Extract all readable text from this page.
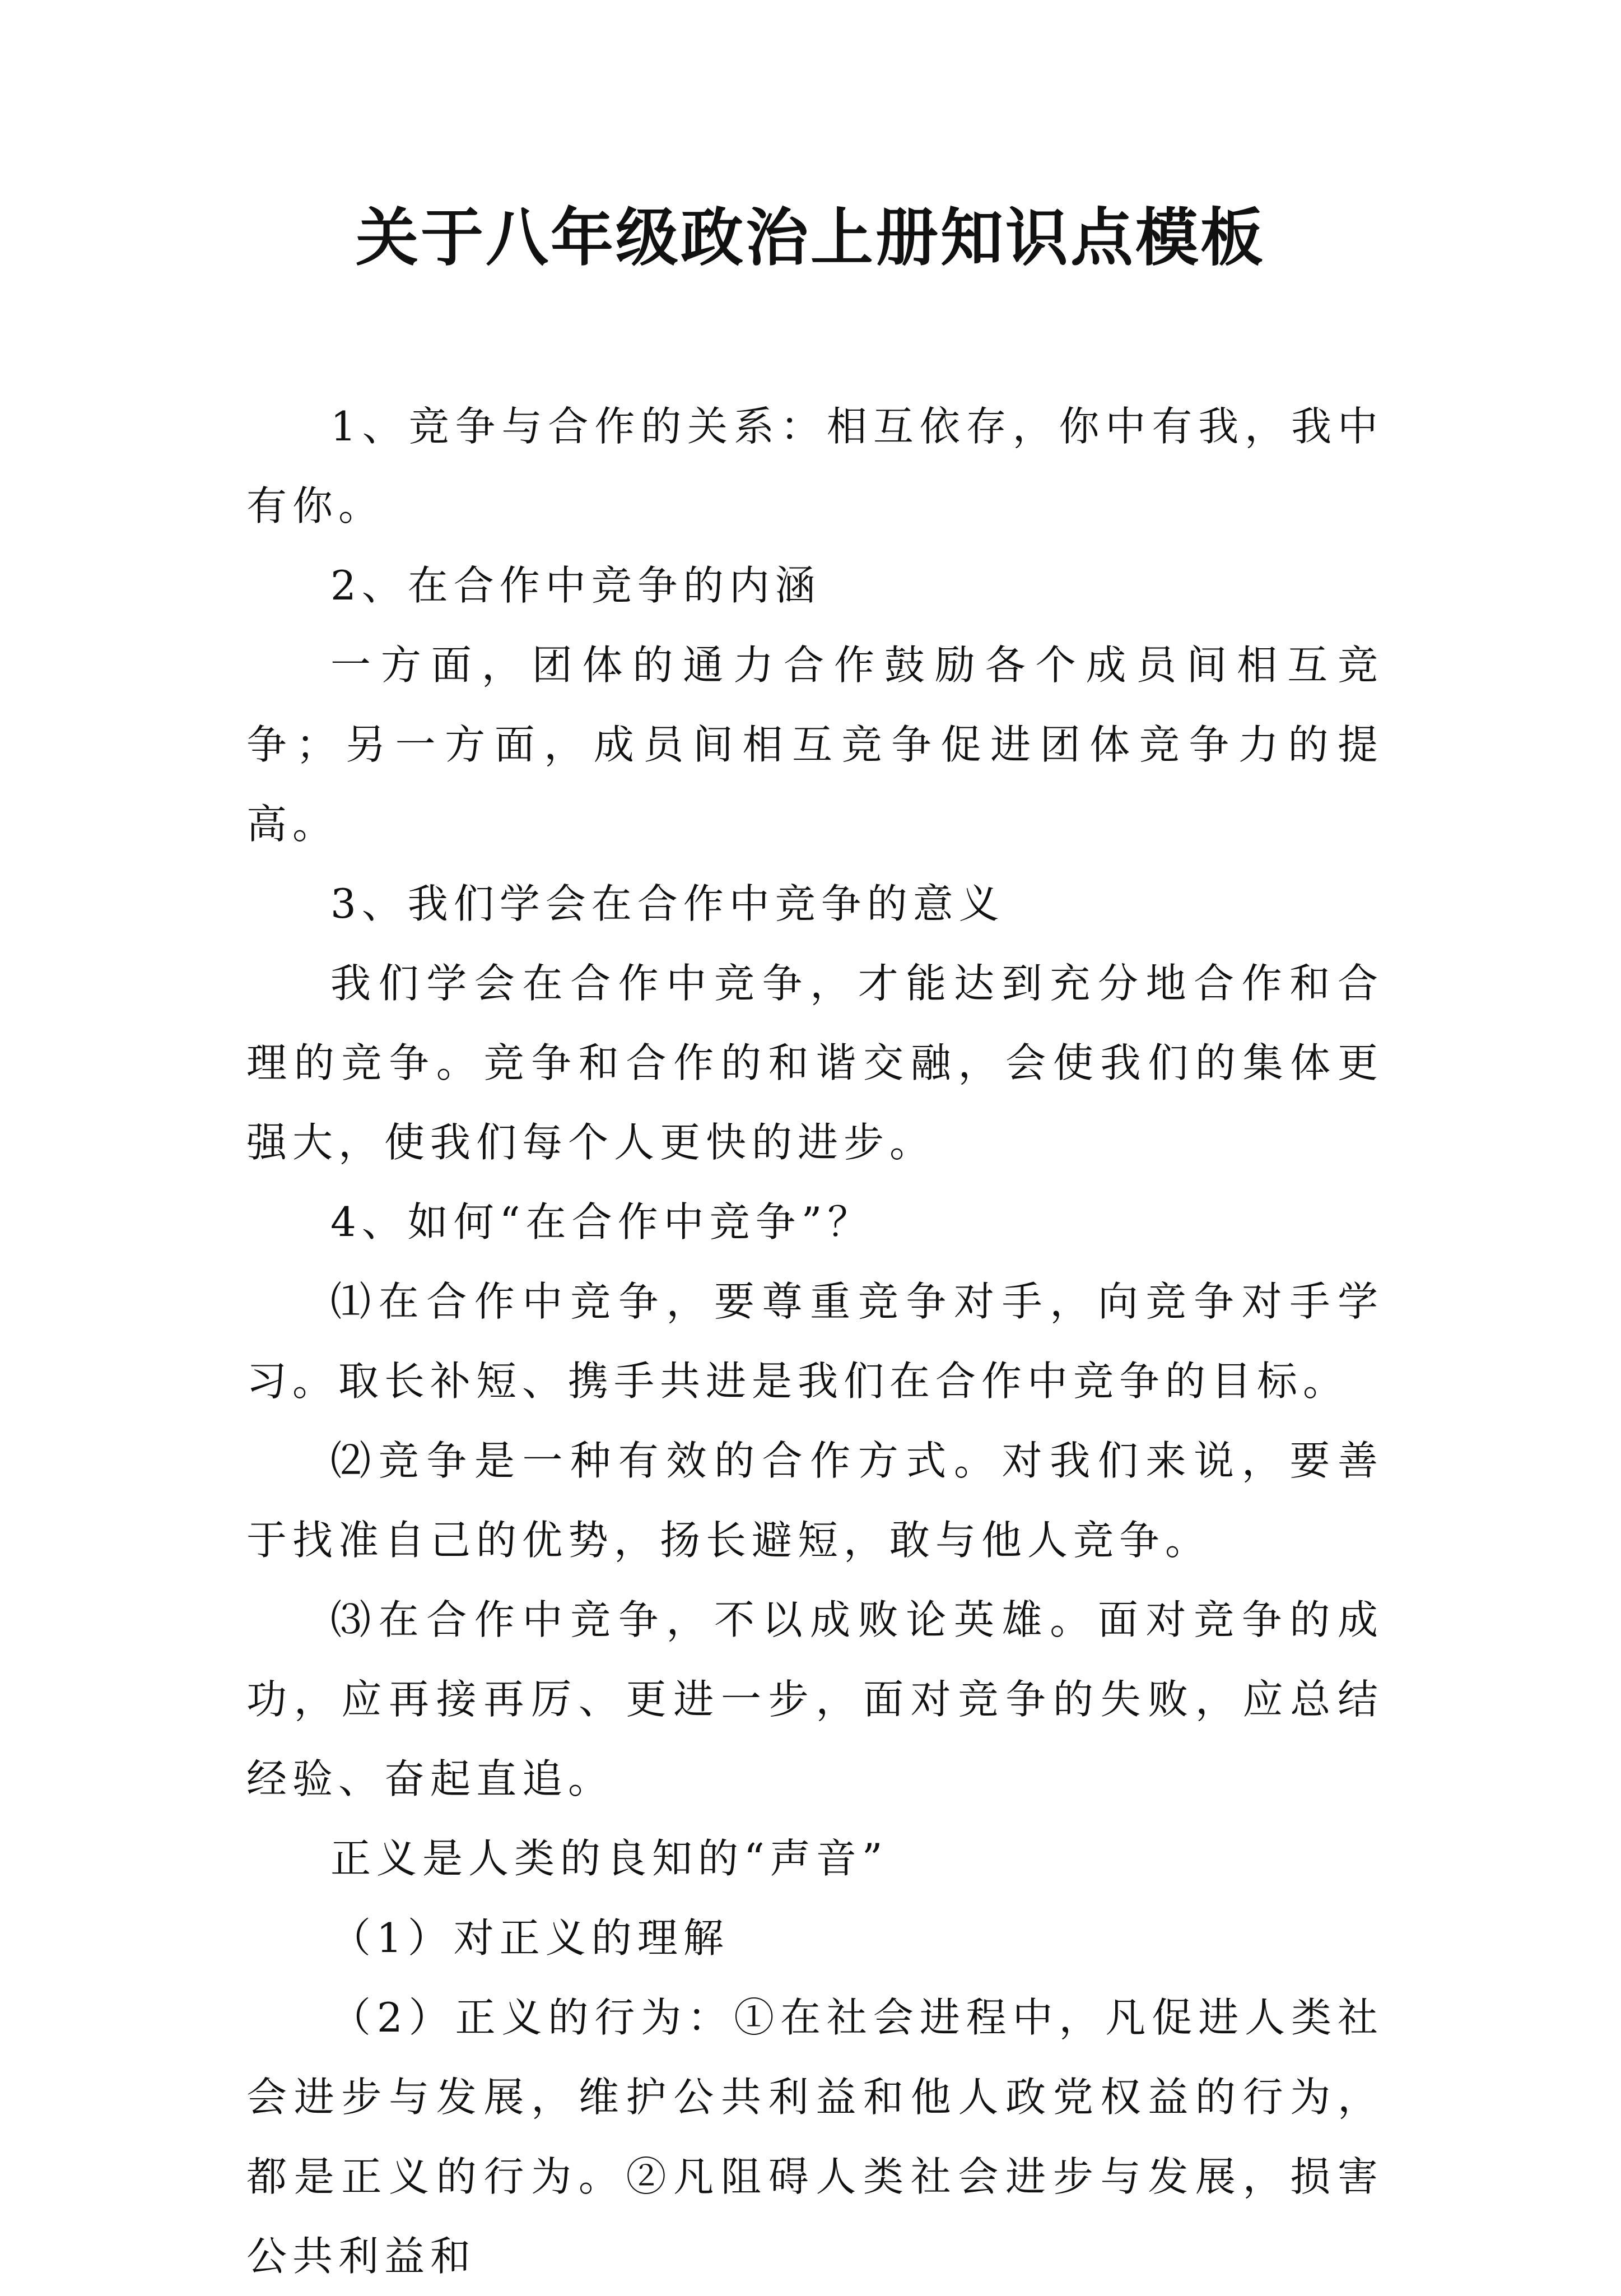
关于八年级政治上册知识点模板

1、竞争与合作的关系：相互依存，你中有我，我中有你。

2、在合作中竞争的内涵

一方面，团体的通力合作鼓励各个成员间相互竞争；另一方面，成员间相互竞争促进团体竞争力的提高。

3、我们学会在合作中竞争的意义

我们学会在合作中竞争，才能达到充分地合作和合理的竞争。竞争和合作的和谐交融，会使我们的集体更强大，使我们每个人更快的进步。

4、如何“在合作中竞争”？

⑴在合作中竞争，要尊重竞争对手，向竞争对手学习。取长补短、携手共进是我们在合作中竞争的目标。

⑵竞争是一种有效的合作方式。对我们来说，要善于找准自己的优势，扬长避短，敢与他人竞争。

⑶在合作中竞争，不以成败论英雄。面对竞争的成功，应再接再厉、更进一步，面对竞争的失败，应总结经验、奋起直追。

正义是人类的良知的“声音”

（1）对正义的理解

（2）正义的行为：①在社会进程中，凡促进人类社会进步与发展，维护公共利益和他人政党权益的行为，都是正义的行为。②凡阻碍人类社会进步与发展，损害公共利益和
